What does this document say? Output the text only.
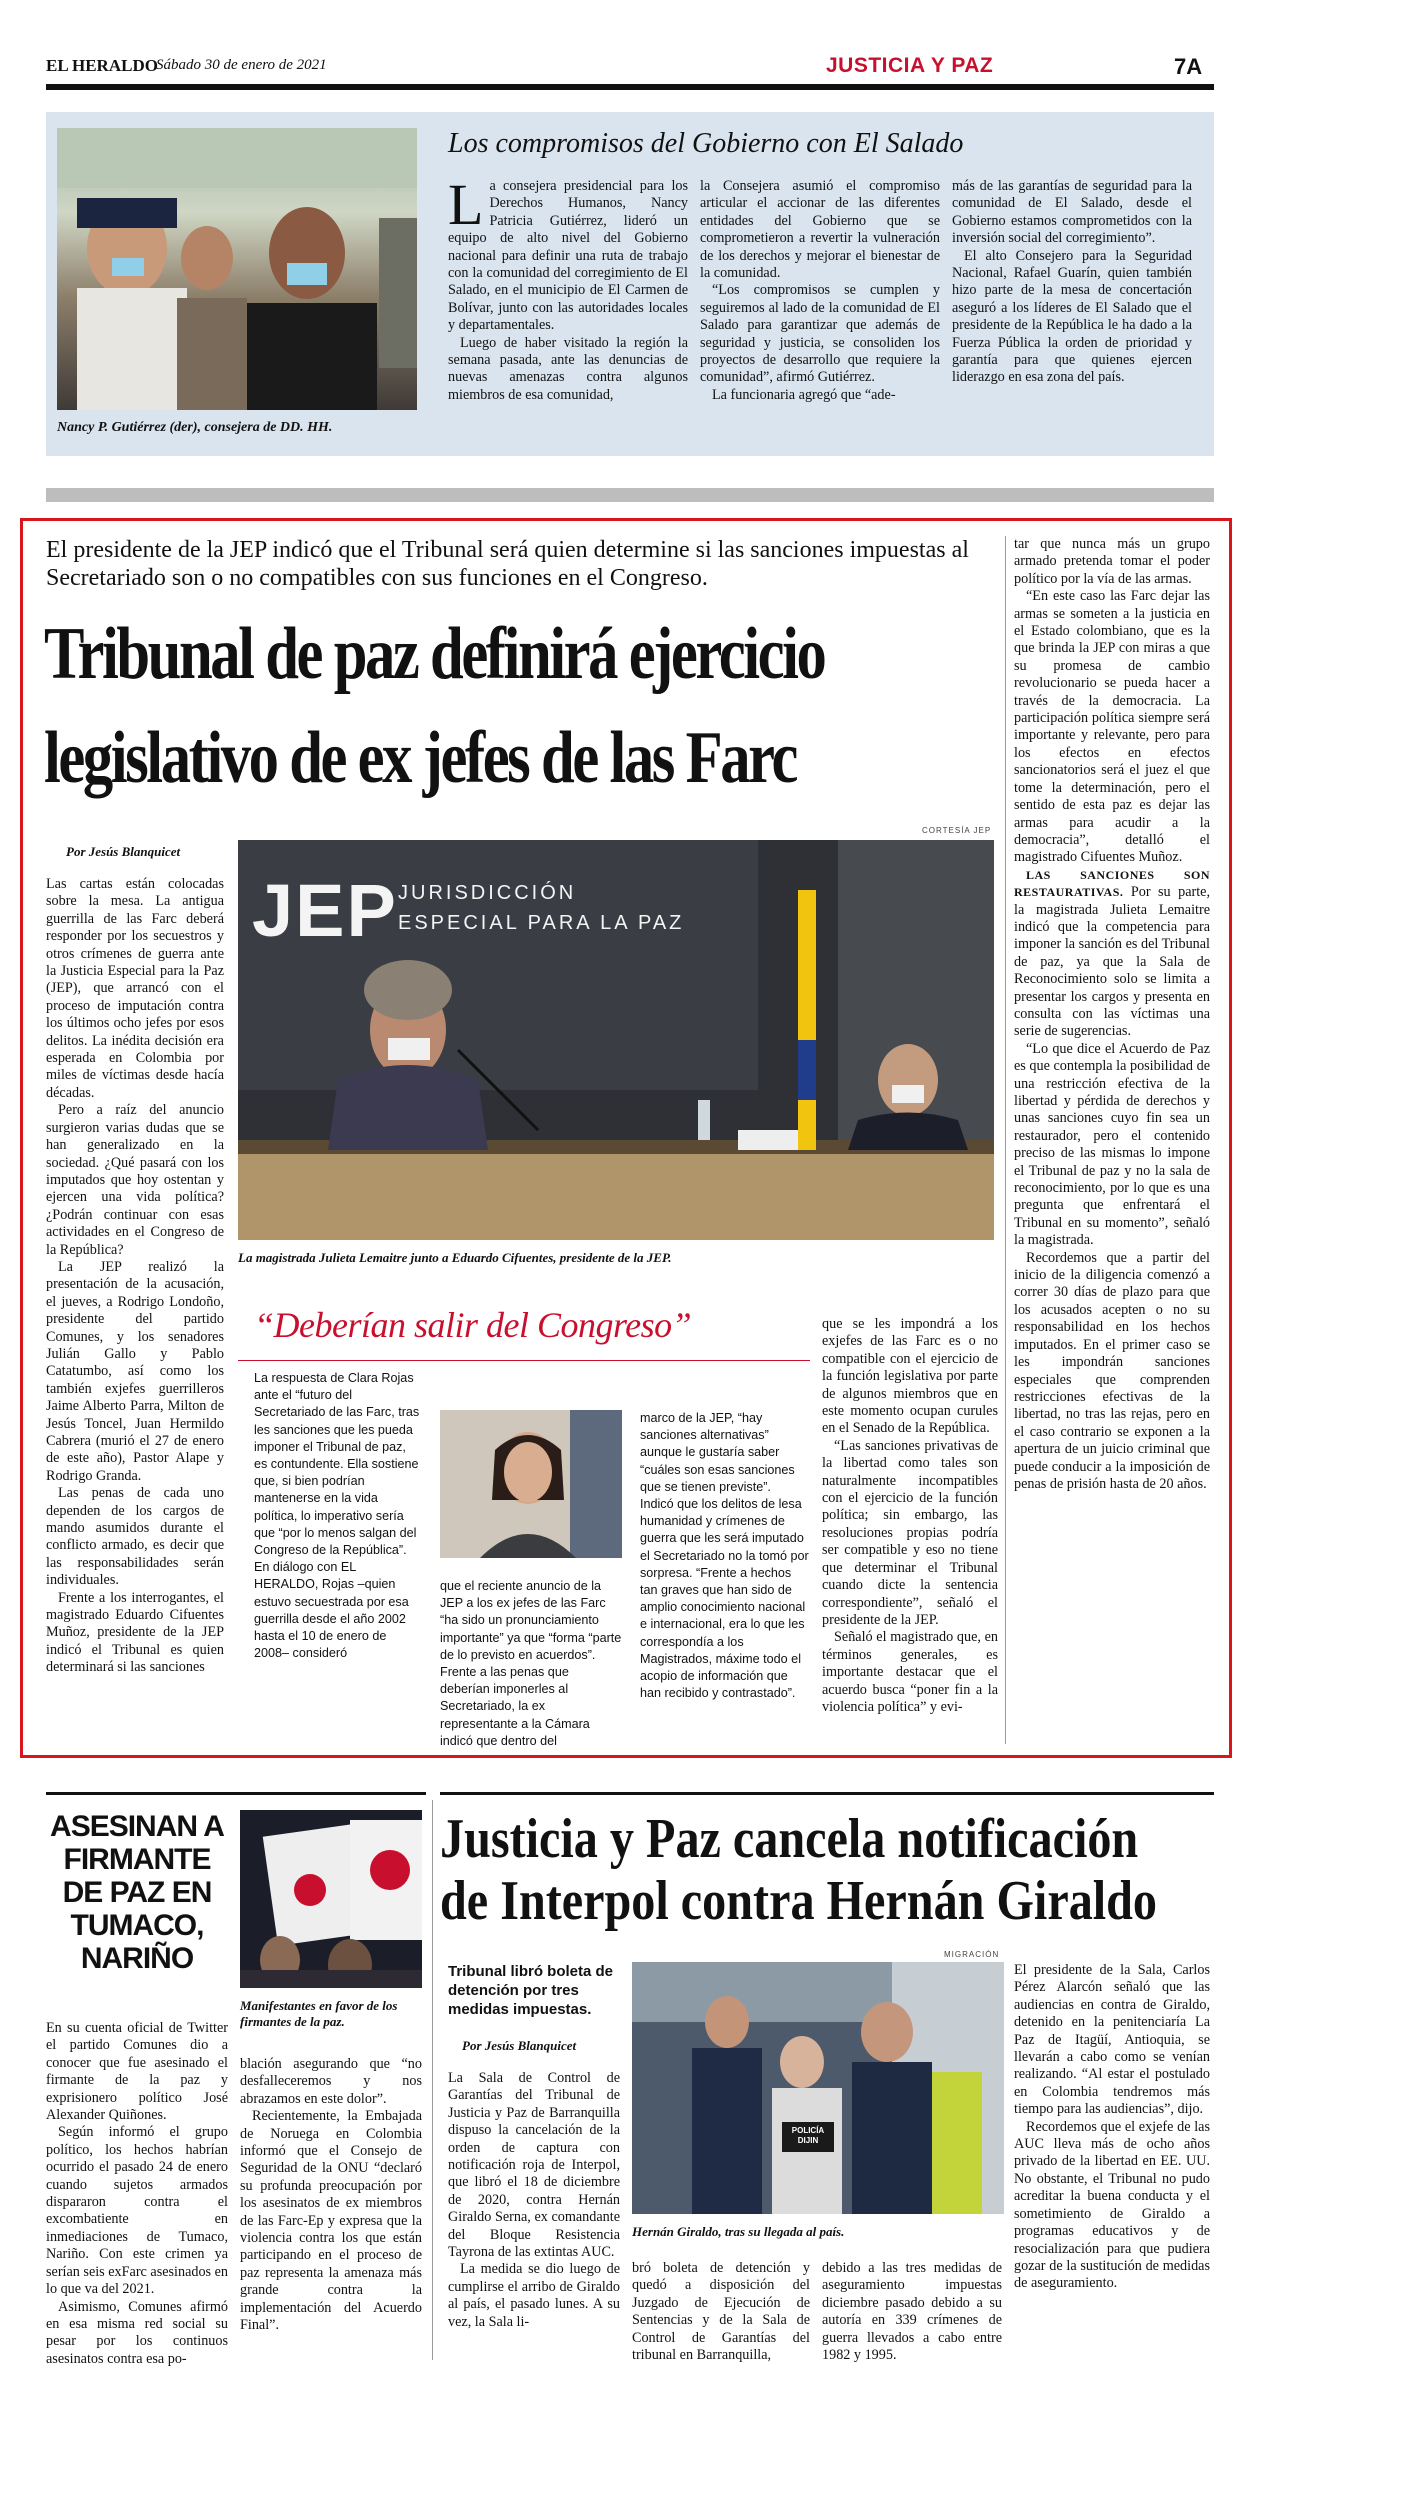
EL HERALDO
Sábado 30 de enero de 2021	JUSTICIA Y PAZ	7A
Nancy P. Gutiérrez (der), consejera de DD. HH.
Los compromisos del Gobierno con El Salado
L a consejera presidencial para los Derechos Humanos, Nancy Patricia Gutiérrez, lideró un equipo de alto nivel del Gobierno nacional para definir una ruta de trabajo con la comunidad del corregimiento de El Salado, en el municipio de El Carmen de Bolívar, junto con las autoridades locales y departamentales.

Luego de haber visitado la región la semana pasada, ante las denuncias de nuevas amenazas contra algunos miembros de esa comunidad,

la Consejera asumió el compromiso articular el accionar de las diferentes entidades del Gobierno que se comprometieron a revertir la vulneración de los derechos y mejorar el bienestar de la comunidad.

“Los compromisos se cumplen y seguiremos al lado de la comunidad de El Salado para garantizar que además de seguridad y justicia, se consoliden los proyectos de desarrollo que requiere la comunidad”, afirmó Gutiérrez.

La funcionaria agregó que “ade-

más de las garantías de seguridad para la comunidad de El Salado, desde el Gobierno estamos comprometidos con la inversión social del corregimiento”.

El alto Consejero para la Seguridad Nacional, Rafael Guarín, quien también hizo parte de la mesa de concertación aseguró a los líderes de El Salado que el presidente de la República le ha dado a la Fuerza Pública la orden de prioridad y garantía para que quienes ejercen liderazgo en esa zona del país.

El presidente de la JEP indicó que el Tribunal será quien determine si las sanciones impuestas al Secretariado son o no compatibles con sus funciones en el Congreso.
Tribunal de paz definirá ejercicio
legislativo de ex jefes de las Farc
Por Jesús Blanquicet
CORTESÍA JEP
JEP JURISDICCIÓN
ESPECIAL PARA LA PAZ
La magistrada Julieta Lemaitre junto a Eduardo Cifuentes, presidente de la JEP.

Las cartas están colocadas sobre la mesa. La antigua guerrilla de las Farc deberá responder por los secuestros y otros crímenes de guerra ante la Justicia Especial para la Paz (JEP), que arrancó con el proceso de imputación contra los últimos ocho jefes por esos delitos. La inédita decisión era esperada en Colombia por miles de víctimas desde hacía décadas.

Pero a raíz del anuncio surgieron varias dudas que se han generalizado en la sociedad. ¿Qué pasará con los imputados que hoy ostentan y ejercen una vida política? ¿Podrán continuar con esas actividades en el Congreso de la República?

La JEP realizó la presentación de la acusación, el jueves, a Rodrigo Londoño, presidente del partido Comunes, y los senadores Julián Gallo y Pablo Catatumbo, así como los también exjefes guerrilleros Jaime Alberto Parra, Milton de Jesús Toncel, Juan Hermildo Cabrera (murió el 27 de enero de este año), Pastor Alape y Rodrigo Granda.

Las penas de cada uno dependen de los cargos de mando asumidos durante el conflicto armado, es decir que las responsabilidades serán individuales.

Frente a los interrogantes, el magistrado Eduardo Cifuentes Muñoz, presidente de la JEP indicó el Tribunal es quien determinará si las sanciones

tar que nunca más un grupo armado pretenda tomar el poder político por la vía de las armas.

“En este caso las Farc dejar las armas se someten a la justicia en el Estado colombiano, que es la que brinda la JEP con miras a que su promesa de cambio revolucionario se pueda hacer a través de la democracia. La participación política siempre será importante y relevante, pero para los efectos en efectos sancionatorios será el juez el que tome la determinación, pero el sentido de esta paz es dejar las armas para acudir a la democracia”, detalló el magistrado Cifuentes Muñoz.

LAS SANCIONES SON RESTAURATIVAS. Por su parte, la magistrada Julieta Lemaitre indicó que la competencia para imponer la sanción es del Tribunal de paz, ya que la Sala de Reconocimiento solo se limita a presentar los cargos y presenta en consulta con las víctimas una serie de sugerencias.

“Lo que dice el Acuerdo de Paz es que contempla la posibilidad de una restricción efectiva de la libertad y pérdida de derechos y unas sanciones cuyo fin sea un restaurador, pero el contenido preciso de las mismas lo impone el Tribunal de paz y no la sala de reconocimiento, por lo que es una pregunta que enfrentará el Tribunal en su momento”, señaló la magistrada.

Recordemos que a partir del inicio de la diligencia comenzó a correr 30 días de plazo para que los acusados acepten o no su responsabilidad en los hechos imputados. En el primer caso se les impondrán sanciones especiales que comprenden restricciones efectivas de la libertad, no tras las rejas, pero en el caso contrario se exponen a la apertura de un juicio criminal que puede conducir a la imposición de penas de prisión hasta de 20 años.

“Deberían salir del Congreso”

La respuesta de Clara Rojas ante el “futuro del Secretariado de las Farc, tras les sanciones que les pueda imponer el Tribunal de paz, es contundente. Ella sostiene que, si bien podrían mantenerse en la vida política, lo imperativo sería que “por lo menos salgan del Congreso de la República”.

En diálogo con EL HERALDO, Rojas –quien estuvo secuestrada por esa guerrilla desde el año 2002 hasta el 10 de enero de 2008– consideró

que el reciente anuncio de la JEP a los ex jefes de las Farc “ha sido un pronunciamiento importante” ya que “forma “parte de lo previsto en acuerdos”.

Frente a las penas que deberían imponerles al Secretariado, la ex representante a la Cámara indicó que dentro del

marco de la JEP, “hay sanciones alternativas” aunque le gustaría saber “cuáles son esas sanciones que se tienen previste”.

Indicó que los delitos de lesa humanidad y crímenes de guerra que les será imputado el Secretariado no la tomó por sorpresa. “Frente a hechos tan graves que han sido de amplio conocimiento nacional e internacional, era lo que les correspondía a los Magistrados, máxime todo el acopio de información que han recibido y contrastado”.

que se les impondrá a los exjefes de las Farc es o no compatible con el ejercicio de la función legislativa por parte de algunos miembros que en este momento ocupan curules en el Senado de la República.

“Las sanciones privativas de la libertad como tales son naturalmente incompatibles con el ejercicio de la función política; sin embargo, las resoluciones propias podría ser compatible y eso no tiene que determinar el Tribunal cuando dicte la sentencia correspondiente”, señaló el presidente de la JEP.

Señaló el magistrado que, en términos generales, es importante destacar que el acuerdo busca “poner fin a la violencia política” y evi-

ASESINAN A FIRMANTE DE PAZ EN TUMACO, NARIÑO
Manifestantes en favor de los firmantes de la paz.

En su cuenta oficial de Twitter el partido Comunes dio a conocer que fue asesinado el firmante de la paz y exprisionero político José Alexander Quiñones.

Según informó el grupo político, los hechos habrían ocurrido el pasado 24 de enero cuando sujetos armados dispararon contra el excombatiente en inmediaciones de Tumaco, Nariño. Con este crimen ya serían seis exFarc asesinados en lo que va del 2021.

Asimismo, Comunes afirmó en esa misma red social su pesar por los continuos asesinatos contra esa po-

blación asegurando que “no desfalleceremos y nos abrazamos en este dolor”.

Recientemente, la Embajada de Noruega en Colombia informó que el Consejo de Seguridad de la ONU “declaró su profunda preocupación por los asesinatos de ex miembros de las Farc-Ep y expresa que la violencia contra los que están participando en el proceso de paz representa la amenaza más grande contra la implementación del Acuerdo Final”.

Justicia y Paz cancela notificación
de Interpol contra Hernán Giraldo
Tribunal libró boleta de detención por tres medidas impuestas.
Por Jesús Blanquicet
MIGRACIÓN
POLICÍA DIJIN
Hernán Giraldo, tras su llegada al país.

La Sala de Control de Garantías del Tribunal de Justicia y Paz de Barranquilla dispuso la cancelación de la orden de captura con notificación roja de Interpol, que libró el 18 de diciembre de 2020, contra Hernán Giraldo Serna, ex comandante del Bloque Resistencia Tayrona de las extintas AUC.

La medida se dio luego de cumplirse el arribo de Giraldo al país, el pasado lunes. A su vez, la Sala li-

bró boleta de detención y quedó a disposición del Juzgado de Ejecución de Sentencias y de la Sala de Control de Garantías del tribunal en Barranquilla,

debido a las tres medidas de aseguramiento impuestas diciembre pasado debido a su autoría en 339 crímenes de guerra llevados a cabo entre 1982 y 1995.

El presidente de la Sala, Carlos Pérez Alarcón señaló que las audiencias en contra de Giraldo, detenido en la penitenciaría La Paz de Itagüí, Antioquia, se llevarán a cabo como se venían realizando. “Al estar el postulado en Colombia tendremos más tiempo para las audiencias”, dijo.

Recordemos que el exjefe de las AUC lleva más de ocho años privado de la libertad en EE. UU. No obstante, el Tribunal no pudo acreditar la buena conducta y el sometimiento de Giraldo a programas educativos y de resocialización para que pudiera gozar de la sustitución de medidas de aseguramiento.
